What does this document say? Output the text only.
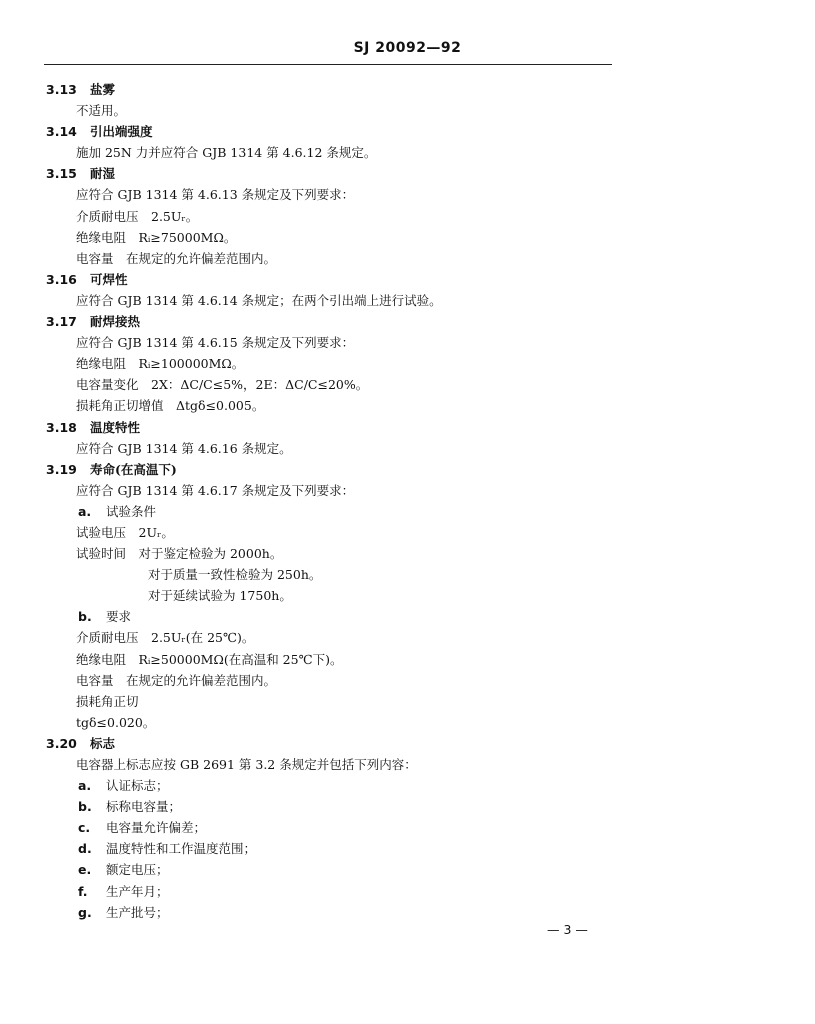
SJ 20092—92
3.13 盐雾
不适用。
3.14 引出端强度
施加 25N 力并应符合 GJB 1314 第 4.6.12 条规定。
3.15 耐湿
应符合 GJB 1314 第 4.6.13 条规定及下列要求：
介质耐电压　2.5Uᵣ。
绝缘电阻　Rᵢ≥75000MΩ。
电容量　在规定的允许偏差范围内。
3.16 可焊性
应符合 GJB 1314 第 4.6.14 条规定；在两个引出端上进行试验。
3.17 耐焊接热
应符合 GJB 1314 第 4.6.15 条规定及下列要求：
绝缘电阻　Rᵢ≥100000MΩ。
电容量变化　2X：ΔC/C≤5%，2E：ΔC/C≤20%。
损耗角正切增值　Δtgδ≤0.005。
3.18 温度特性
应符合 GJB 1314 第 4.6.16 条规定。
3.19 寿命(在高温下)
应符合 GJB 1314 第 4.6.17 条规定及下列要求：
a. 试验条件
试验电压　2Uᵣ。
试验时间　对于鉴定检验为 2000h。
对于质量一致性检验为 250h。
对于延续试验为 1750h。
b. 要求
介质耐电压　2.5Uᵣ(在 25℃)。
绝缘电阻　Rᵢ≥50000MΩ(在高温和 25℃下)。
电容量　在规定的允许偏差范围内。
损耗角正切
tgδ≤0.020。
3.20 标志
电容器上标志应按 GB 2691 第 3.2 条规定并包括下列内容：
a. 认证标志；
b. 标称电容量；
c. 电容量允许偏差；
d. 温度特性和工作温度范围；
e. 额定电压；
f. 生产年月；
g. 生产批号；
— 3 —
